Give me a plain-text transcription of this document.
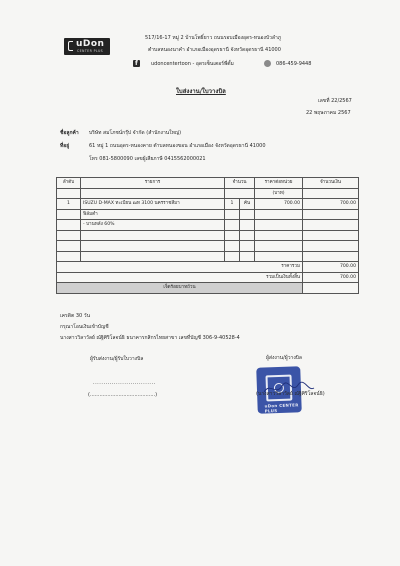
uDon
CENTER PLUS
517/16-17 หมู่ 2 บ้านโพธิ์ยาว ถนนรอบเมืองอุดร-หนองบัวลำภู
ตำบลหนองนาคำ อำเภอเมืองอุดรธานี จังหวัดอุดรธานี 41000
f
udoncentertoon - อุดรเซ็นเตอร์พี่ตั้ม	086-459-9448
ใบส่งงาน/ใบวางบิล
เลขที่ 22/2567
22 พฤษภาคม 2567
ชื่อลูกค้า บริษัท สมโภชน์กรุ๊ป จำกัด (สำนักงานใหญ่)
ที่อยู่	61 หมู่ 1 ถนนอุดร-หนองคาย ตำบลหนองขอน อำเภอเมือง จังหวัดอุดรธานี 41000
โทร 081-5800090 เลขผู้เสียภาษี 0415562000021
ลำดับ	รายการ	จำนวน		ราคาต่อหน่วย	จำนวนเงิน
				(บาท)	
1	ISUZU D-MAX ทะเบียน ฒท 3100 นครราชสีมา	1	คัน	700.00	700.00
	ฟิล์มดำ				
	- บานหลัง 60%				

ราคารวม					700.00
รวมเป็นเงินทั้งสิ้น					700.00
เจ็ดร้อยบาทถ้วน					
เครดิต 30 วัน
กรุณาโอนเงินเข้าบัญชี
นางสาววิลาวัลย์ ณัฐิศิริโลจน์ธิ ธนาคารกสิกรไทยสาขา เลขที่บัญชี 306-9-40528-4
ผู้รับส่งงาน/ผู้รับใบวางบิล
..............................
(.........................................)
ผู้ส่งงาน/ผู้วางบิล
uDon CENTER PLUS
(นางสาววิลาวัลย์ ณัฐิศิริโลจน์ธิ)
